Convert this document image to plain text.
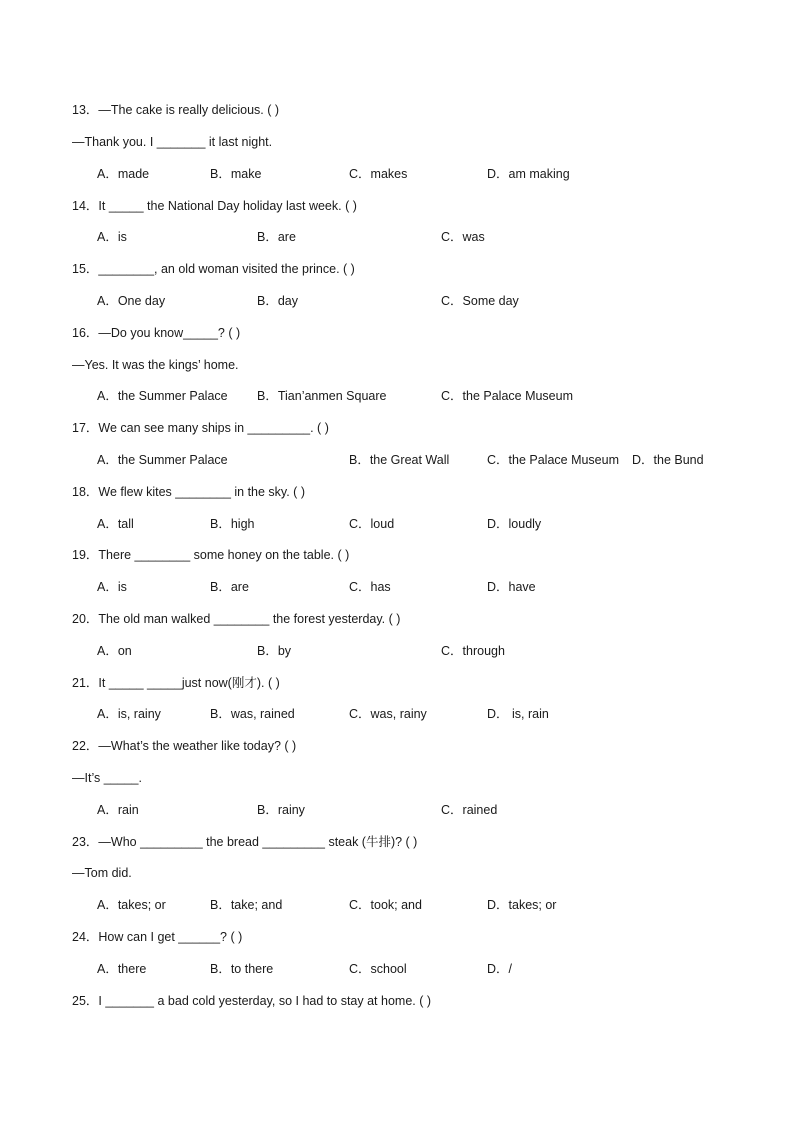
13．—The cake is really delicious. ( )
—Thank you. I _______ it last night.
A．made	B．make	C．makes	D．am making
14．It _____ the National Day holiday last week. ( )
A．is	B．are	C．was
15．________, an old woman visited the prince. ( )
A．One day	B．day	C．Some day
16．—Do you know_____? ( )
—Yes. It was the kings’ home.
A．the Summer Palace B．Tian’anmen Square	C．the Palace Museum
17．We can see many ships in _________. ( )
A．the Summer Palace	B．the Great Wall	C．the Palace Museum D．the Bund
18．We flew kites ________ in the sky. ( )
A．tall	B．high	C．loud	D．loudly
19．There ________ some honey on the table. ( )
A．is	B．are	C．has	D．have
20．The old man walked ________ the forest yesterday. ( )
A．on	B．by	C．through
21．It _____ _____just now(刚才). ( )
A．is, rainy	B．was, rained	C．was, rainy	D． is, rain
22．—What’s the weather like today? ( )
—It’s _____.
A．rain	B．rainy	C．rained
23．—Who _________ the bread _________ steak (牛排)? ( )
—Tom did.
A．takes; or	B．take; and	C．took; and	D．takes; or
24．How can I get ______? ( )
A．there	B．to there	C．school	D．/
25．I _______ a bad cold yesterday, so I had to stay at home. ( )
